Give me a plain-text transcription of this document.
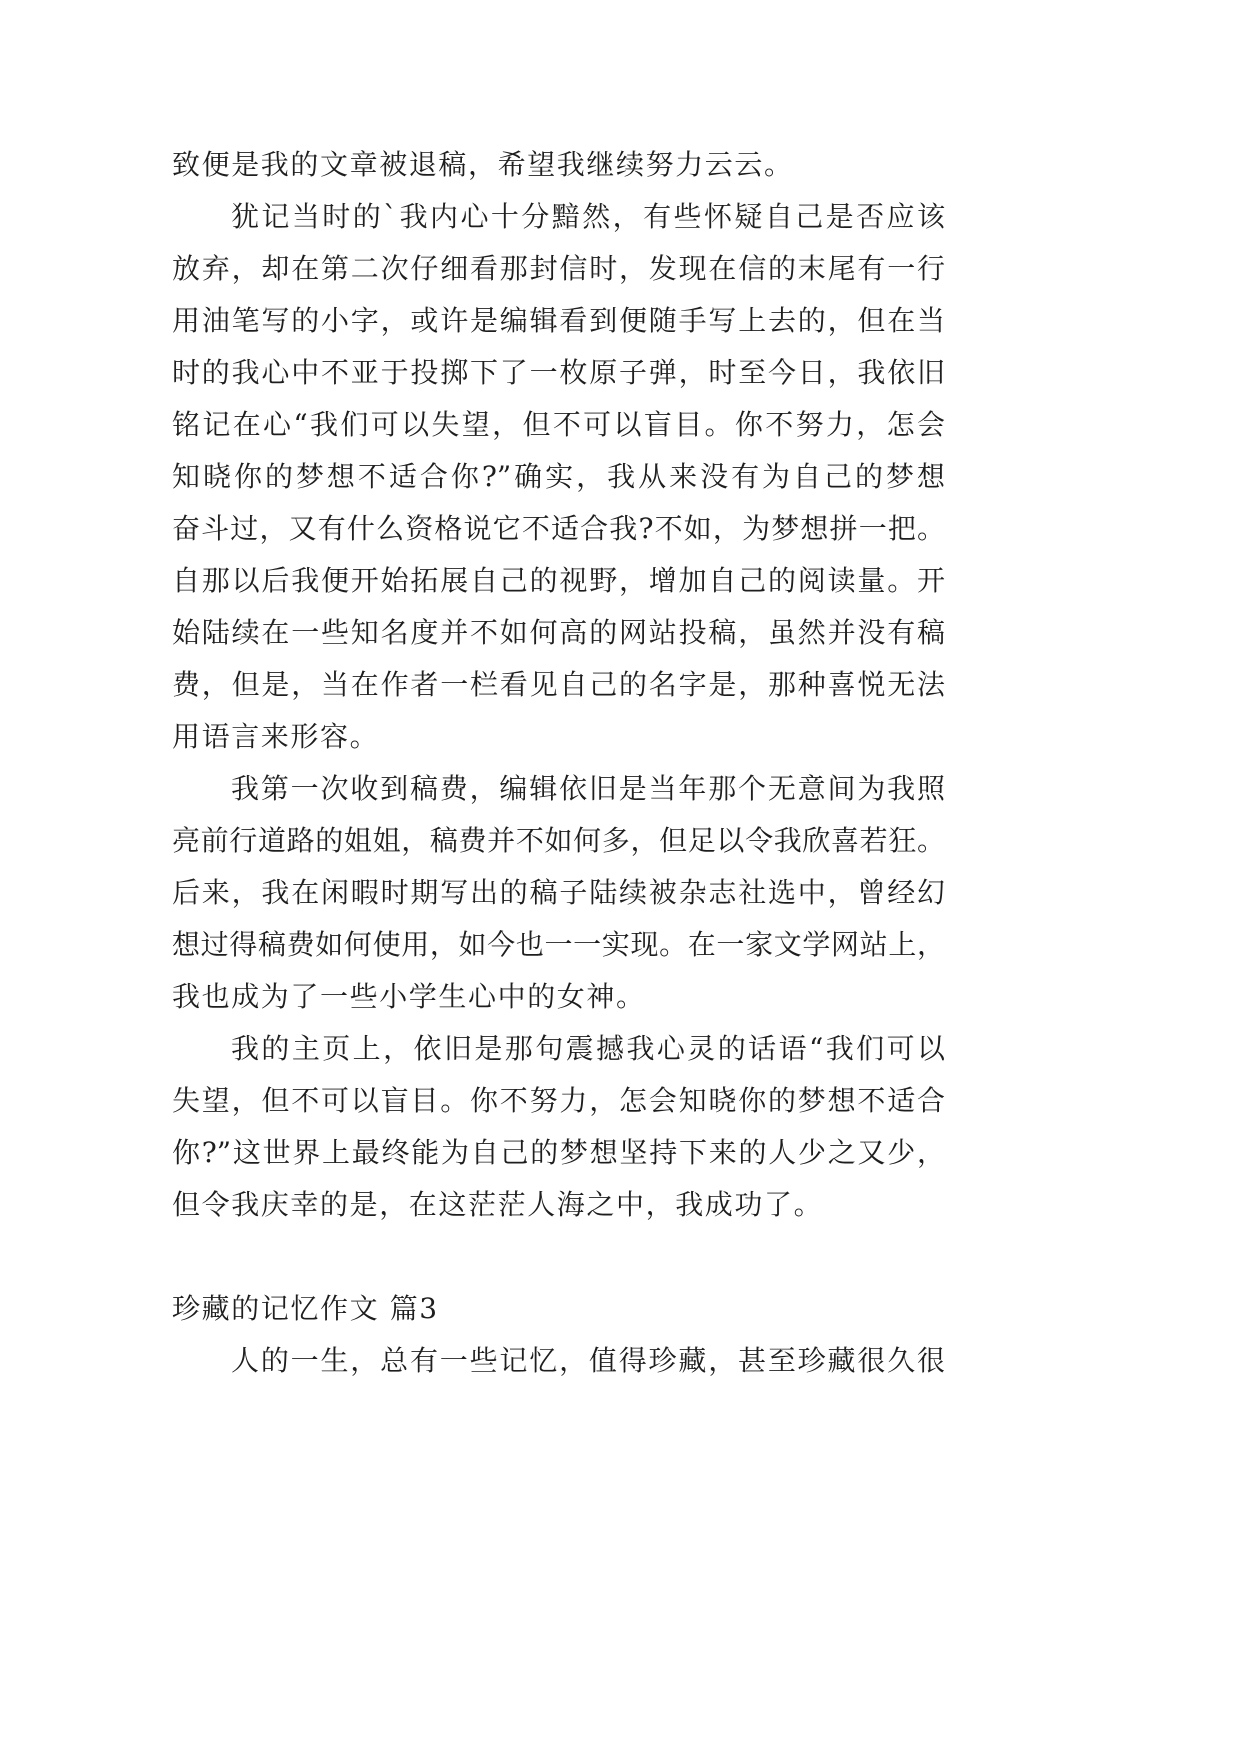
致便是我的文章被退稿，希望我继续努力云云。
犹记当时的`我内心十分黯然，有些怀疑自己是否应该
放弃，却在第二次仔细看那封信时，发现在信的末尾有一行
用油笔写的小字，或许是编辑看到便随手写上去的，但在当
时的我心中不亚于投掷下了一枚原子弹，时至今日，我依旧
铭记在心“我们可以失望，但不可以盲目。你不努力，怎会
知晓你的梦想不适合你?”确实，我从来没有为自己的梦想
奋斗过，又有什么资格说它不适合我?不如，为梦想拼一把。
自那以后我便开始拓展自己的视野，增加自己的阅读量。开
始陆续在一些知名度并不如何高的网站投稿，虽然并没有稿
费，但是，当在作者一栏看见自己的名字是，那种喜悦无法
用语言来形容。
我第一次收到稿费，编辑依旧是当年那个无意间为我照
亮前行道路的姐姐，稿费并不如何多，但足以令我欣喜若狂。
后来，我在闲暇时期写出的稿子陆续被杂志社选中，曾经幻
想过得稿费如何使用，如今也一一实现。在一家文学网站上，
我也成为了一些小学生心中的女神。
我的主页上，依旧是那句震撼我心灵的话语“我们可以
失望，但不可以盲目。你不努力，怎会知晓你的梦想不适合
你?”这世界上最终能为自己的梦想坚持下来的人少之又少，
但令我庆幸的是，在这茫茫人海之中，我成功了。
珍藏的记忆作文 篇3
人的一生，总有一些记忆，值得珍藏，甚至珍藏很久很
